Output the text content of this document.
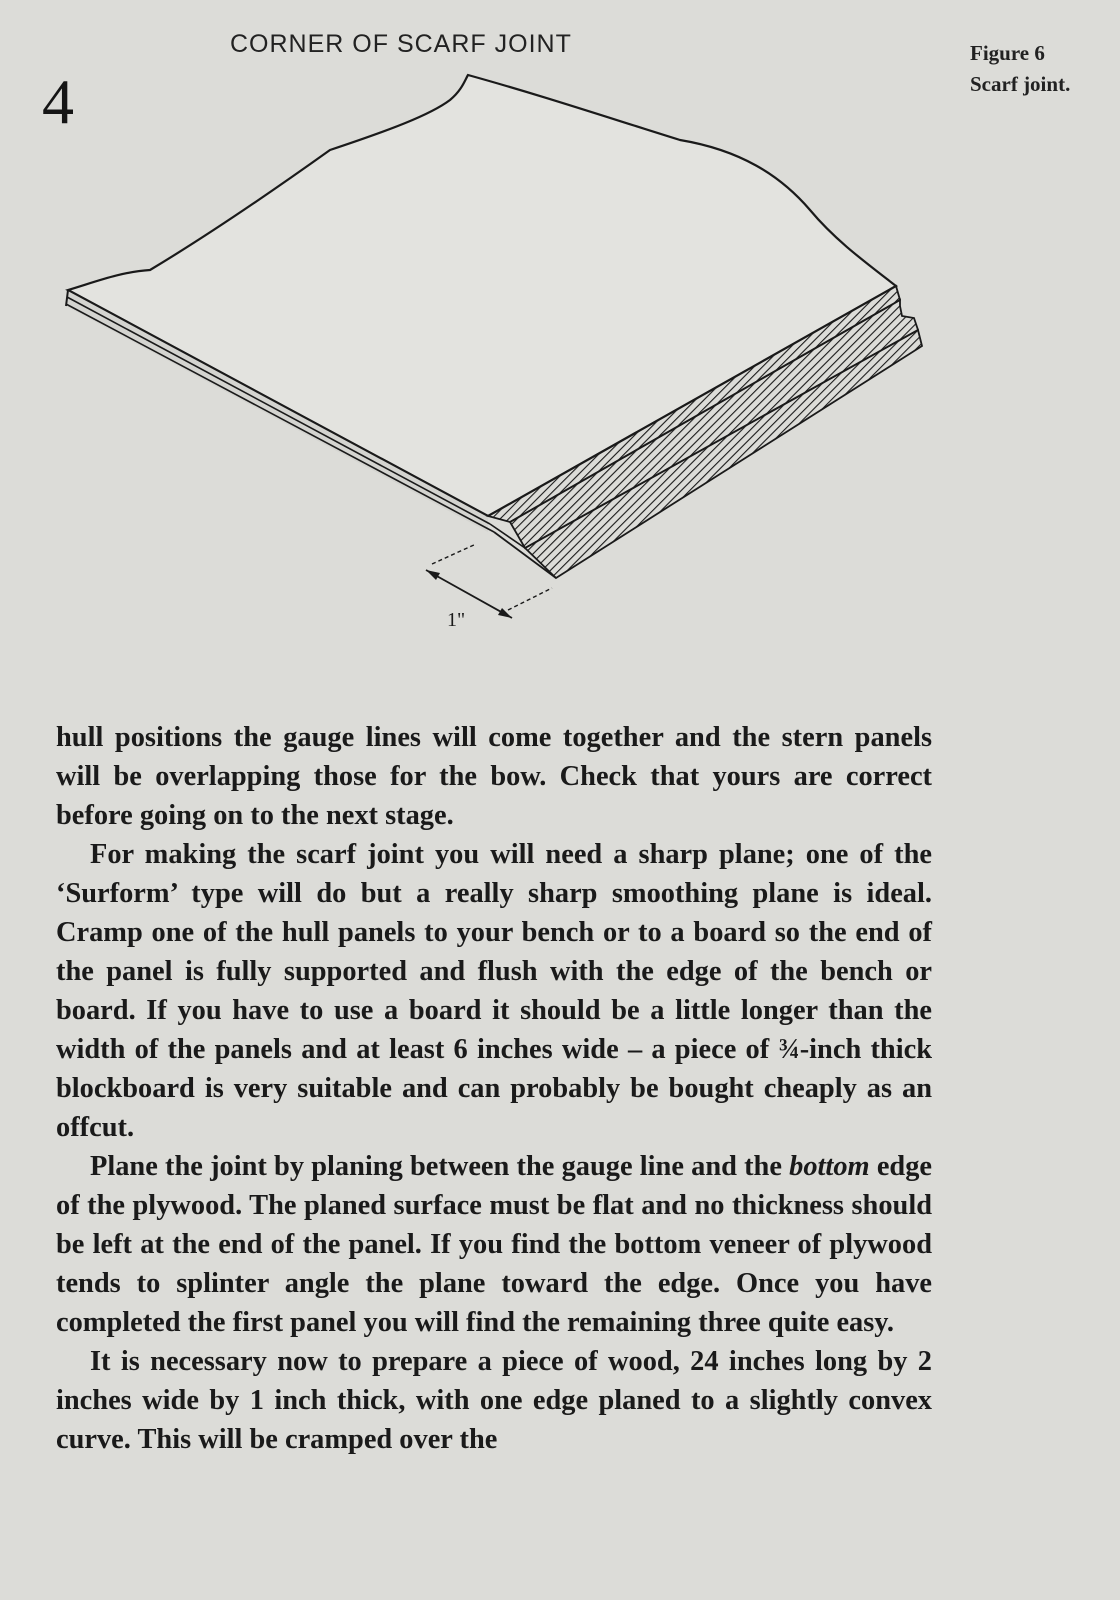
4
CORNER OF SCARF JOINT	Figure 6
Scarf joint.
1"

hull positions the gauge lines will come together and the stern panels will be overlapping those for the bow. Check that yours are correct before going on to the next stage.

For making the scarf joint you will need a sharp plane; one of the ‘Surform’ type will do but a really sharp smoothing plane is ideal. Cramp one of the hull panels to your bench or to a board so the end of the panel is fully supported and flush with the edge of the bench or board. If you have to use a board it should be a little longer than the width of the panels and at least 6 inches wide – a piece of ¾-inch thick blockboard is very suitable and can probably be bought cheaply as an offcut.

Plane the joint by planing between the gauge line and the bottom edge of the plywood. The planed surface must be flat and no thickness should be left at the end of the panel. If you find the bottom veneer of plywood tends to splinter angle the plane toward the edge. Once you have completed the first panel you will find the remaining three quite easy.

It is necessary now to prepare a piece of wood, 24 inches long by 2 inches wide by 1 inch thick, with one edge planed to a slightly convex curve. This will be cramped over the
